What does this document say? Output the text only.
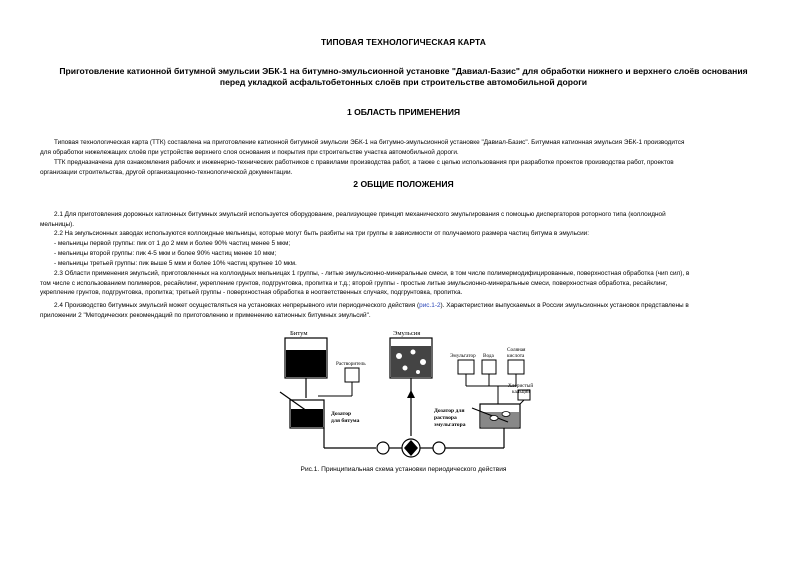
ТИПОВАЯ ТЕХНОЛОГИЧЕСКАЯ КАРТА
Приготовление катионной битумной эмульсии ЭБК-1 на битумно-эмульсионной установке "Давиал-Базис" для обработки нижнего и верхнего слоёв основания
перед укладкой асфальтобетонных слоёв при строительстве автомобильной дороги
1 ОБЛАСТЬ ПРИМЕНЕНИЯ
Типовая технологическая карта (ТТК) составлена на приготовление катионной битумной эмульсии ЭБК-1 на битумно-эмульсионной установке "Давиал-Базис". Битумная катионная эмульсия ЭБК-1 производится
для обработки нижележащих слоёв при устройстве верхнего слоя основания и покрытия при строительстве участка автомобильной дороги.
ТТК предназначена для ознакомления рабочих и инженерно-технических работников с правилами производства работ, а также с целью использования при разработке проектов производства работ, проектов
организации строительства, другой организационно-технологической документации.
2 ОБЩИЕ ПОЛОЖЕНИЯ
2.1 Для приготовления дорожных катионных битумных эмульсий используется оборудование, реализующее принцип механического эмульгирования с помощью диспергаторов роторного типа (коллоидной
мельницы).
2.2 На эмульсионных заводах используются коллоидные мельницы, которые могут быть разбиты на три группы в зависимости от получаемого размера частиц битума в эмульсии:
- мельницы первой группы: пик от 1 до 2 мкм и более 90% частиц менее 5 мкм;
- мельницы второй группы: пик 4-5 мкм и более 90% частиц менее 10 мкм;
- мельницы третьей группы: пик выше 5 мкм и более 10% частиц крупнее 10 мкм.
2.3 Области применения эмульсий, приготовленных на коллоидных мельницах 1 группы, - литые эмульсионно-минеральные смеси, в том числе полимермодифицированные, поверхностная обработка (чип сил), в
том числе с использованием полимеров, ресайклинг, укрепление грунтов, подгрунтовка, пропитка и т.д.; второй группы - простые литые эмульсионно-минеральные смеси, поверхностная обработка, ресайклинг,
укрепление грунтов, подгрунтовка, пропитка; третьей группы - поверхностная обработка в ноответственных случаях, подгрунтовка, пропитка.
2.4 Производство битумных эмульсий может осуществляться на установках непрерывного или периодического действия (рис.1-2). Характеристики выпускаемых в России эмульсионных установок представлены в
приложении 2 "Методических рекомендаций по приготовлению и применению катионных битумных эмульсий".
Битум
Растворитель
Дозатор
для битума
Эмульсия
Эмульгатор Вода
Соляная
кислота
Хлористый
кальций
Дозатор для
раствора
эмульгатора
Рис.1. Принципиальная схема установки периодического действия
